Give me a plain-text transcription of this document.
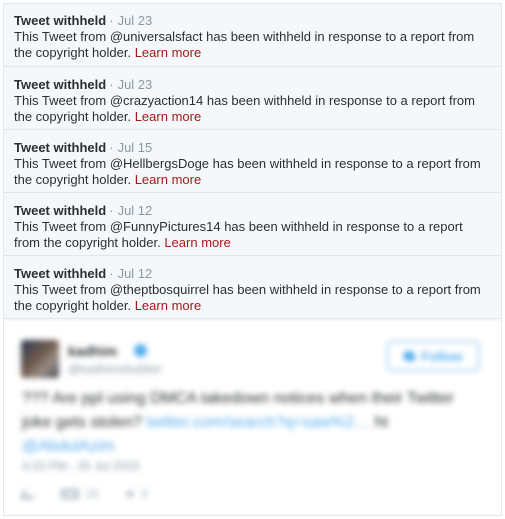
Tweet withheld · Jul 23
This Tweet from @universalsfact has been withheld in response to a report from the copyright holder. Learn more
Tweet withheld · Jul 23
This Tweet from @crazyaction14 has been withheld in response to a report from the copyright holder. Learn more
Tweet withheld · Jul 15
This Tweet from @HellbergsDoge has been withheld in response to a report from the copyright holder. Learn more
Tweet withheld · Jul 12
This Tweet from @FunnyPictures14 has been withheld in response to a report from the copyright holder. Learn more
Tweet withheld · Jul 12
This Tweet from @theptbosquirrel has been withheld in response to a report from the copyright holder. Learn more
kadhim
@kadhimshubber
Follow
??? Are ppl using DMCA takedown notices when their Twitter joke gets stolen? twitter.com/search?q=saw%2… ht @AbdulAzim
4:23 PM - 25 Jul 2015
28	8
